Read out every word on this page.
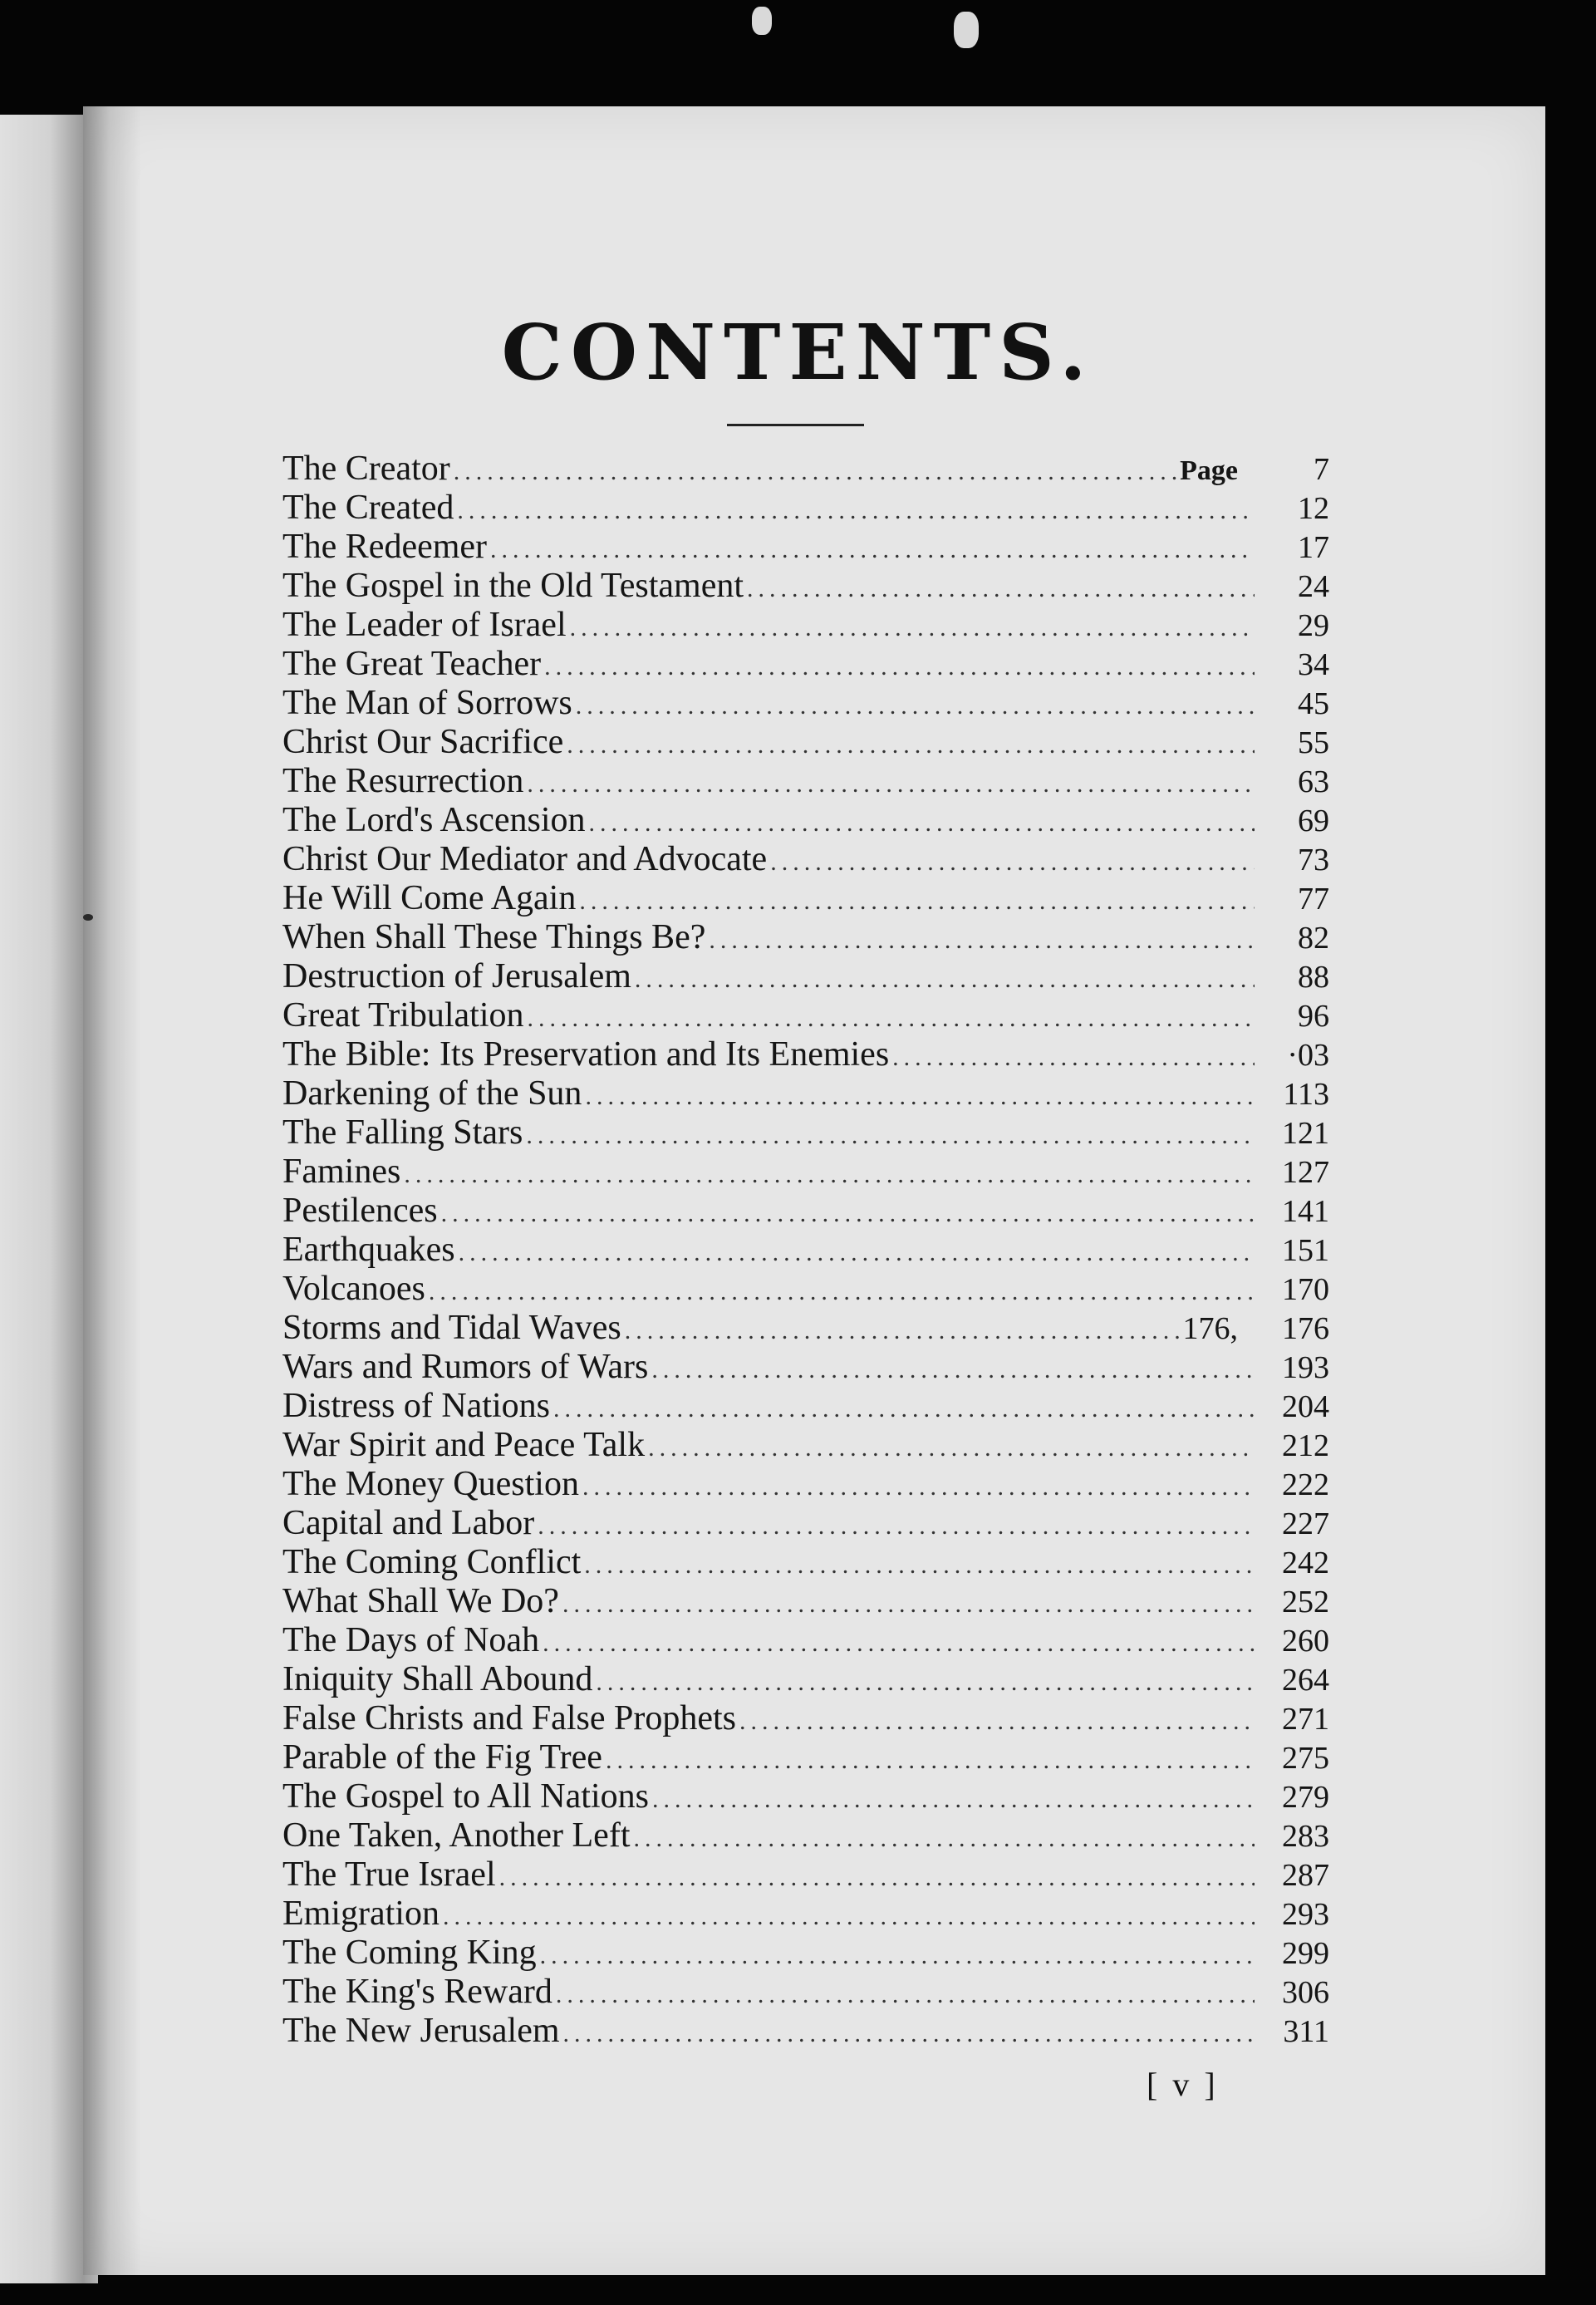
CONTENTS.
The Creator .....	Page	7
The Created .....	12
The Redeemer .....	17
The Gospel in the Old Testament .....	24
The Leader of Israel .....	29
The Great Teacher .....	34
The Man of Sorrows .....	45
Christ Our Sacrifice .....	55
The Resurrection .....	63
The Lord's Ascension .....	69
Christ Our Mediator and Advocate .....	73
He Will Come Again .....	77
When Shall These Things Be? .....	82
Destruction of Jerusalem .....	88
Great Tribulation .....	96
The Bible: Its Preservation and Its Enemies .....	·03
Darkening of the Sun .....	113
The Falling Stars .....	121
Famines .....	127
Pestilences .....	141
Earthquakes .....	151
Volcanoes .....	170
Storms and Tidal Waves .....	176,	176
Wars and Rumors of Wars .....	193
Distress of Nations .....	204
War Spirit and Peace Talk .....	212
The Money Question .....	222
Capital and Labor .....	227
The Coming Conflict .....	242
What Shall We Do? .....	252
The Days of Noah .....	260
Iniquity Shall Abound .....	264
False Christs and False Prophets .....	271
Parable of the Fig Tree .....	275
The Gospel to All Nations .....	279
One Taken, Another Left .....	283
The True Israel .....	287
Emigration .....	293
The Coming King .....	299
The King's Reward .....	306
The New Jerusalem .....	311
[ v ]
